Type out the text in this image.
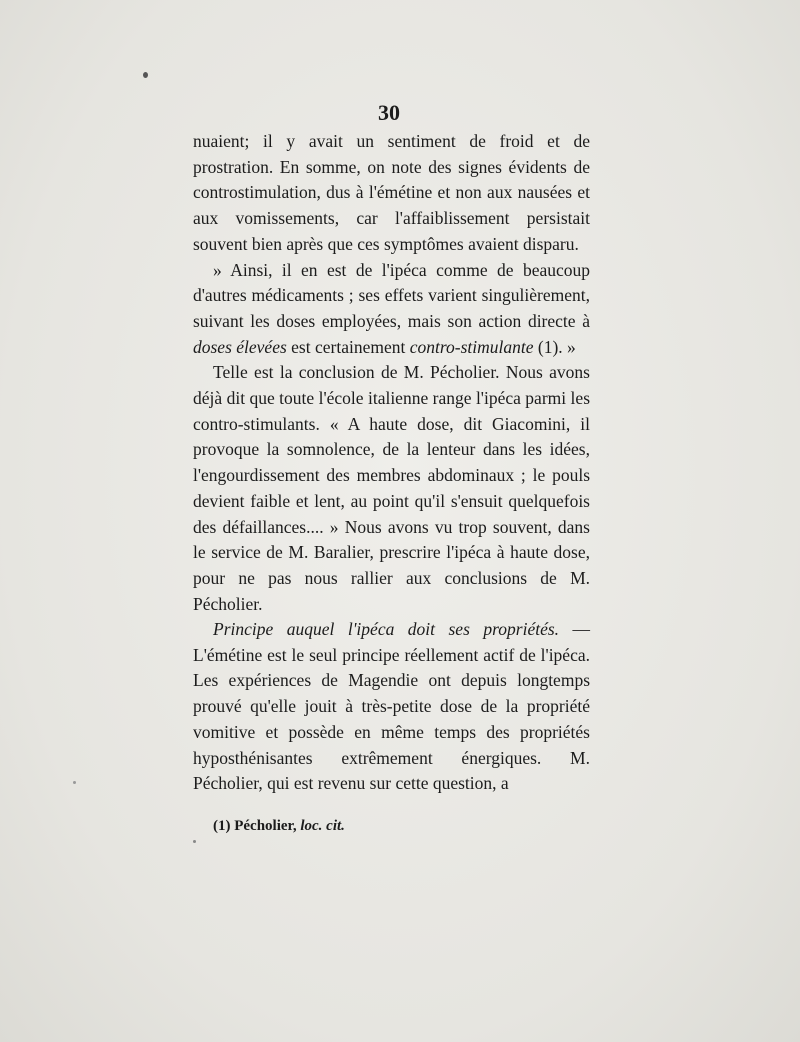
30

nuaient; il y avait un sentiment de froid et de prostration. En somme, on note des signes évidents de controstimulation, dus à l'émétine et non aux nausées et aux vomissements, car l'affaiblissement persistait souvent bien après que ces symptômes avaient disparu.

» Ainsi, il en est de l'ipéca comme de beaucoup d'autres médicaments ; ses effets varient singulièrement, suivant les doses employées, mais son action directe à doses élevées est certainement contro-stimulante (1). »

Telle est la conclusion de M. Pécholier. Nous avons déjà dit que toute l'école italienne range l'ipéca parmi les contro-stimulants. « A haute dose, dit Giacomini, il provoque la somnolence, de la lenteur dans les idées, l'engourdissement des membres abdominaux ; le pouls devient faible et lent, au point qu'il s'ensuit quelquefois des défaillances.... » Nous avons vu trop souvent, dans le service de M. Baralier, prescrire l'ipéca à haute dose, pour ne pas nous rallier aux conclusions de M. Pécholier.

Principe auquel l'ipéca doit ses propriétés. — L'émétine est le seul principe réellement actif de l'ipéca. Les expériences de Magendie ont depuis longtemps prouvé qu'elle jouit à très-petite dose de la propriété vomitive et possède en même temps des propriétés hyposthénisantes extrêmement énergiques. M. Pécholier, qui est revenu sur cette question, a

(1) Pécholier, loc. cit.
